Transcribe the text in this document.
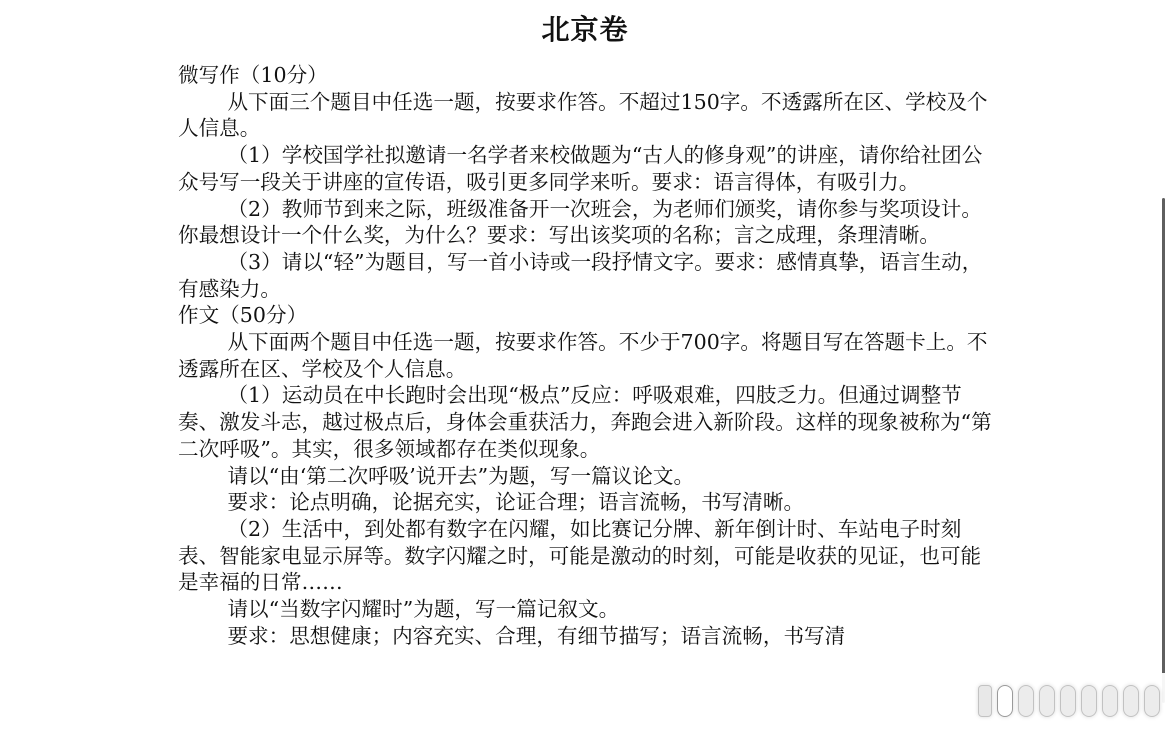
北京卷

微写作（10分）

从下面三个题目中任选一题，按要求作答。不超过150字。不透露所在区、学校及个人信息。

（1）学校国学社拟邀请一名学者来校做题为“古人的修身观”的讲座，请你给社团公众号写一段关于讲座的宣传语，吸引更多同学来听。要求：语言得体，有吸引力。

（2）教师节到来之际，班级准备开一次班会，为老师们颁奖，请你参与奖项设计。你最想设计一个什么奖，为什么？要求：写出该奖项的名称；言之成理，条理清晰。

（3）请以“轻”为题目，写一首小诗或一段抒情文字。要求：感情真挚，语言生动，有感染力。

作文（50分）

从下面两个题目中任选一题，按要求作答。不少于700字。将题目写在答题卡上。不透露所在区、学校及个人信息。

（1）运动员在中长跑时会出现“极点”反应：呼吸艰难，四肢乏力。但通过调整节奏、激发斗志，越过极点后，身体会重获活力，奔跑会进入新阶段。这样的现象被称为“第二次呼吸”。其实，很多领域都存在类似现象。

请以“由‘第二次呼吸’说开去”为题，写一篇议论文。

要求：论点明确，论据充实，论证合理；语言流畅，书写清晰。

（2）生活中，到处都有数字在闪耀，如比赛记分牌、新年倒计时、车站电子时刻表、智能家电显示屏等。数字闪耀之时，可能是激动的时刻，可能是收获的见证，也可能是幸福的日常……

请以“当数字闪耀时”为题，写一篇记叙文。

要求：思想健康；内容充实、合理，有细节描写；语言流畅，书写清
